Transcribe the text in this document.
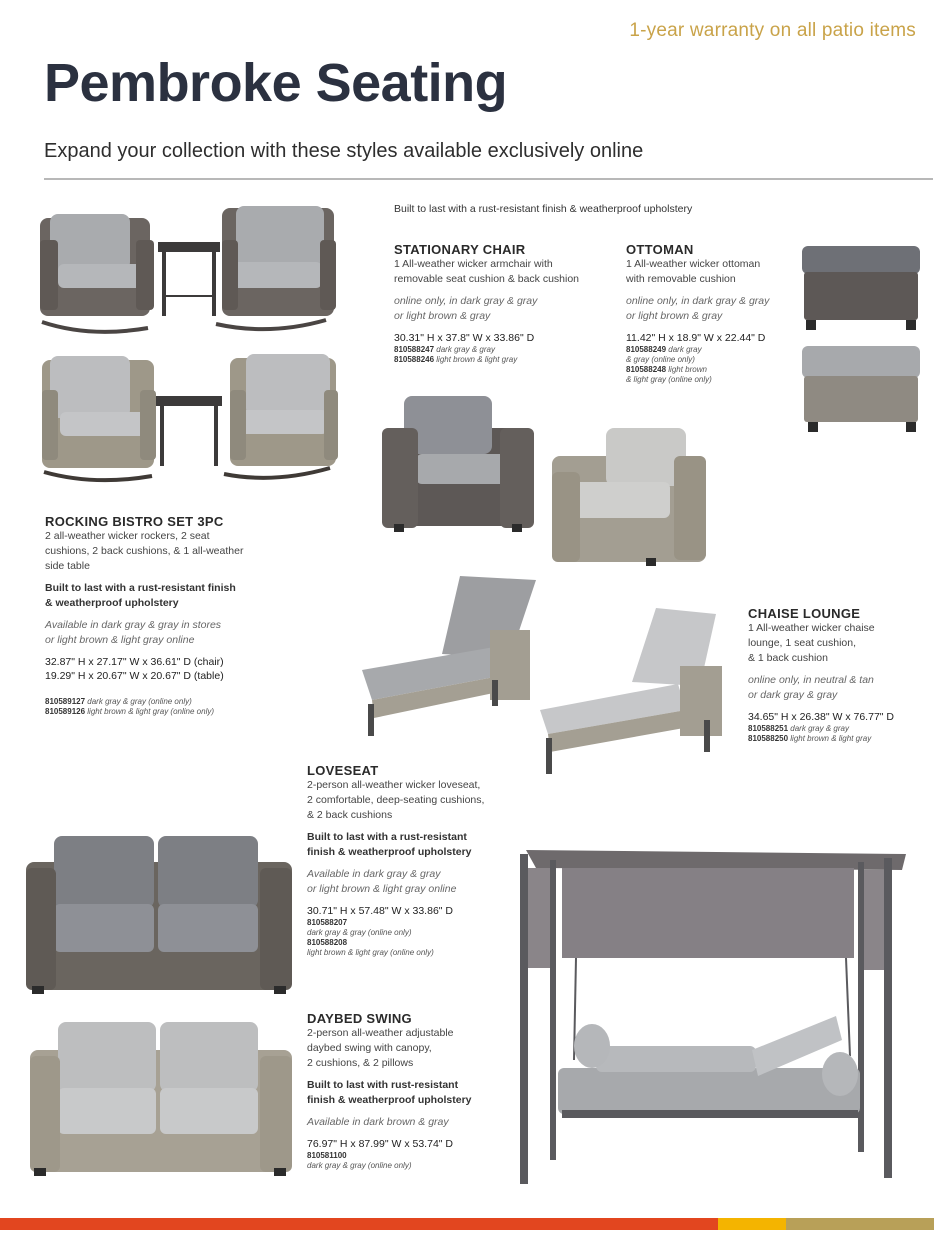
1-year warranty on all patio items
Pembroke Seating
Expand your collection with these styles available exclusively online
Built to last with a rust-resistant finish & weatherproof upholstery
ROCKING BISTRO SET 3PC
2 all-weather wicker rockers, 2 seat
cushions, 2 back cushions, & 1 all-weather
side table
Built to last with a rust-resistant finish
& weatherproof upholstery
Available in dark gray & gray in stores
or light brown & light gray online
32.87" H x 27.17" W x 36.61" D (chair)
19.29" H x 20.67" W x 20.67" D (table)
810589127 dark gray & gray (online only)
810589126 light brown & light gray (online only)
STATIONARY CHAIR
1 All-weather wicker armchair with
removable seat cushion & back cushion
online only, in dark gray & gray
or light brown & gray
30.31" H x 37.8" W x 33.86" D
810588247 dark gray & gray
810588246 light brown & light gray
OTTOMAN
1 All-weather wicker ottoman
with removable cushion
online only, in dark gray & gray
or light brown & gray
11.42" H x 18.9" W x 22.44" D
810588249 dark gray
& gray (online only)
810588248 light brown
& light gray (online only)
CHAISE LOUNGE
1 All-weather wicker chaise
lounge, 1 seat cushion,
& 1 back cushion
online only, in neutral & tan
or dark gray & gray
34.65" H x 26.38" W x 76.77" D
810588251 dark gray & gray
810588250 light brown & light gray
LOVESEAT
2-person all-weather wicker loveseat,
2 comfortable, deep-seating cushions,
& 2 back cushions
Built to last with a rust-resistant
finish & weatherproof upholstery
Available in dark gray & gray
or light brown & light gray online
30.71" H x 57.48" W x 33.86" D
810588207
dark gray & gray (online only)
810588208
light brown & light gray (online only)
DAYBED SWING
2-person all-weather adjustable
daybed swing with canopy,
2 cushions, & 2 pillows
Built to last with rust-resistant
finish & weatherproof upholstery
Available in dark brown & gray
76.97" H x 87.99" W x 53.74" D
810581100
dark gray & gray (online only)
